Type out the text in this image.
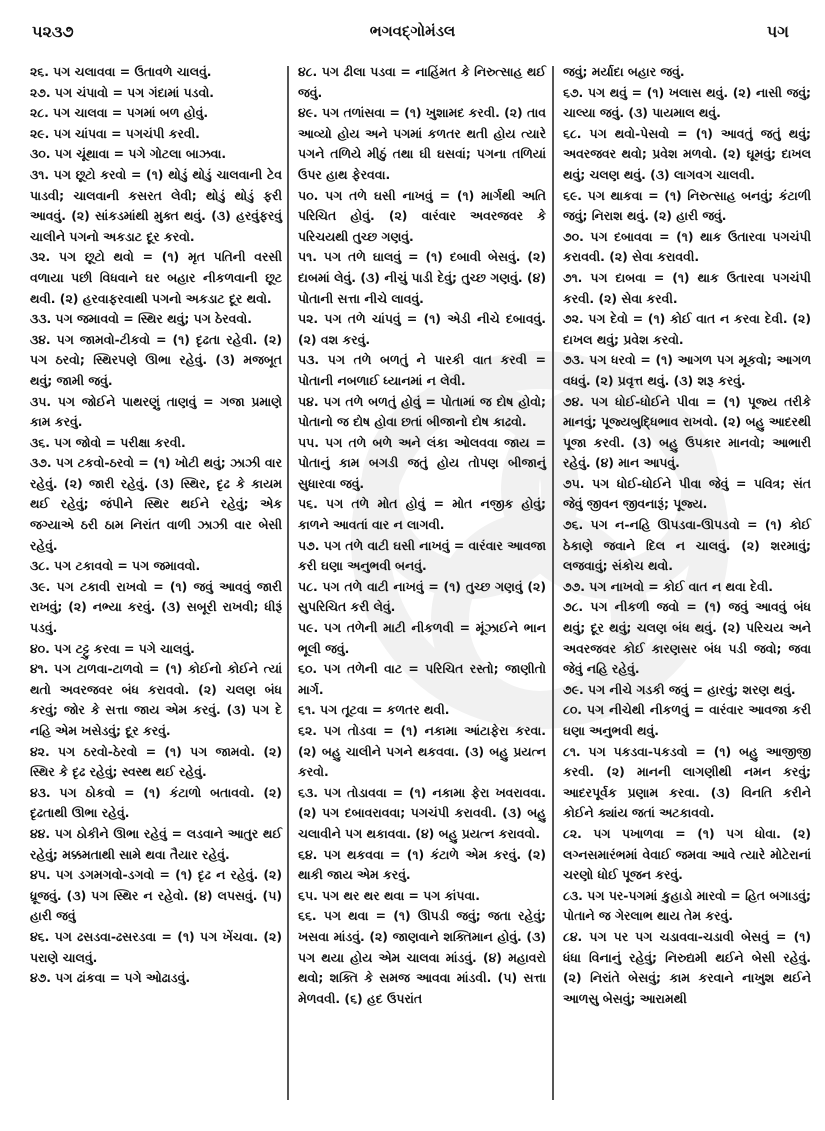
૫૨૩૭	ભગવદ્‍ગોમંડલ	પગ

૨૬. પગ ચલાવવા = ઉતાવળે ચાલવું.

૨૭. પગ ચંપાવો = પગ ગંદામાં પડવો.

૨૮. પગ ચાલવા = પગમાં બળ હોવું.

૨૯. પગ ચાંપવા = પગચંપી કરવી.

૩૦. પગ ચૂંથાવા = પગે ગોટલા બાઝવા.

૩૧. પગ છૂટો કરવો = (૧) થોડું થોડું ચાલવાની ટેવ પાડવી; ચાલવાની કસરત લેવી; થોડું થોડું ફરી આવવું. (૨) સાંકડમાંથી મુક્ત થવું. (૩) હરવુંફરવું ચાલીને પગનો અકડાટ દૂર કરવો.

૩૨. પગ છૂટો થવો = (૧) મૃત પતિની વરસી વળાયા પછી વિધવાને ઘર બહાર નીકળવાની છૂટ થવી. (૨) હરવાફરવાથી પગનો અકડાટ દૂર થવો.

૩૩. પગ જમાવવો = સ્થિર થવું; પગ ઠેરવવો.

૩૪. પગ જામવો-ટીકવો = (૧) દૃઢતા રહેવી. (૨) પગ ઠરવો; સ્થિરપણે ઊભા રહેવું. (૩) મજબૂત થવું; જામી જવું.

૩૫. પગ જોઈને પાથરણું તાણવું = ગજા પ્રમાણે કામ કરવું.

૩૬. પગ જોવો = પરીક્ષા કરવી.

૩૭. પગ ટકવો-ઠરવો = (૧) ખોટી થવું; ઝાઝી વાર રહેવું. (૨) જારી રહેવું. (૩) સ્થિર, દૃઢ કે કાયમ થઈ રહેવું; જંપીને સ્થિર થઈને રહેવું; એક જગ્યાએ ઠરી ઠામ નિરાંત વાળી ઝાઝી વાર બેસી રહેવું.

૩૮. પગ ટકાવવો = પગ જમાવવો.

૩૯. પગ ટકાવી રાખવો = (૧) જવું આવવું જારી રાખવું; (૨) નભ્યા કરવું. (૩) સબૂરી રાખવી; ધીરૂં પડવું.

૪૦. પગ ટટ્ટુ કરવા = પગે ચાલવું.

૪૧. પગ ટાળવા-ટાળવો = (૧) કોઈનો કોઈને ત્યાં થતો અવરજવર બંધ કરાવવો. (૨) ચલણ બંધ કરવું; જોર કે સત્તા જાય એમ કરવું. (૩) પગ દે નહિ એમ ખસેડવું; દૂર કરવું.

૪૨. પગ ઠરવો-ઠેરવો = (૧) પગ જામવો. (૨) સ્થિર કે દૃઢ રહેવું; સ્વસ્થ થઈ રહેવું.

૪૩. પગ ઠોકવો = (૧) કંટાળો બતાવવો. (૨) દૃઢતાથી ઊભા રહેવું.

૪૪. પગ ઠોકીને ઊભા રહેવું = લડવાને આતુર થઈ રહેવું; મક્કમતાથી સામે થવા તૈયાર રહેવું.

૪૫. પગ ડગમગવો-ડગવો = (૧) દૃઢ ન રહેવું. (૨) ધ્રૂજવું. (૩) પગ સ્થિર ન રહેવો. (૪) લપસવું. (૫) હારી જવું

૪૬. પગ ઢસડવા-ઢસરડવા = (૧) પગ ખેંચવા. (૨) પરાણે ચાલવું.

૪૭. પગ ઢાંકવા = પગે ઓઢાડવું.

૪૮. પગ ઢીલા પડવા = નાહિંમત કે નિરુત્સાહ થઈ જવું.

૪૯. પગ તળાંસવા = (૧) ખુશામદ કરવી. (૨) તાવ આવ્યો હોય અને પગમાં કળતર થતી હોય ત્યારે પગને તળિયે મીઠું તથા ઘી ઘસવાં; પગના તળિયાં ઉપર હાથ ફેરવવા.

૫૦. પગ તળે ઘસી નાખવું = (૧) માર્ગથી અતિ પરિચિત હોવું. (૨) વારંવાર અવરજવર કે પરિચયથી તુચ્છ ગણવું.

૫૧. પગ તળે ઘાલવું = (૧) દબાવી બેસવું. (૨) દાબમાં લેવું. (૩) નીચું પાડી દેવું; તુચ્છ ગણવું. (૪) પોતાની સત્તા નીચે લાવવું.

૫૨. પગ તળે ચાંપવું = (૧) એડી નીચે દબાવવું. (૨) વશ કરવું.

૫૩. પગ તળે બળતું ને પારકી વાત કરવી = પોતાની નબળાઈ ધ્યાનમાં ન લેવી.

૫૪. પગ તળે બળતું હોવું = પોતામાં જ દોષ હોવો; પોતાનો જ દોષ હોવા છતાં બીજાનો દોષ કાઢવો.

૫૫. પગ તળે બળે અને લંકા ઓલવવા જાય = પોતાનું કામ બગડી જતું હોય તોપણ બીજાનું સુધારવા જવું.

૫૬. પગ તળે મોત હોવું = મોત નજીક હોવું; કાળને આવતાં વાર ન લાગવી.

૫૭. પગ તળે વાટી ઘસી નાખવું = વારંવાર આવજા કરી ઘણા અનુભવી બનવું.

૫૮. પગ તળે વાટી નાખવું = (૧) તુચ્છ ગણવું (૨) સુપરિચિત કરી લેવું.

૫૯. પગ તળેની માટી નીકળવી = મૂંઝાઈને ભાન ભૂલી જવું.

૬૦. પગ તળેની વાટ = પરિચિત રસ્તો; જાણીતો માર્ગ.

૬૧. પગ તૂટવા = કળતર થવી.

૬૨. પગ તોડવા = (૧) નકામા આંટાફેરા કરવા. (૨) બહુ ચાલીને પગને થકવવા. (૩) બહુ પ્રયત્ન કરવો.

૬૩. પગ તોડાવવા = (૧) નકામા ફેરા ખવરાવવા. (૨) પગ દબાવરાવવા; પગચંપી કરાવવી. (૩) બહુ ચલાવીને પગ થકાવવા. (૪) બહુ પ્રયત્ન કરાવવો.

૬૪. પગ થકવવા = (૧) કંટાળે એમ કરવું. (૨) થાકી જાય એમ કરવું.

૬૫. પગ થર થર થવા = પગ કાંપવા.

૬૬. પગ થવા = (૧) ઊપડી જવું; જતા રહેવું; ખસવા માંડવું. (૨) જાણવાને શક્તિમાન હોવું. (૩) પગ થયા હોય એમ ચાલવા માંડવું. (૪) મહાવરો થવો; શક્તિ કે સમજ આવવા માંડવી. (૫) સત્તા મેળવવી. (૬) હદ ઉપરાંત

જવું; મર્યાદા બહાર જવું.

૬૭. પગ થવું = (૧) ખલાસ થવું. (૨) નાસી જવું; ચાલ્યા જવું. (૩) પાયમાલ થવું.

૬૮. પગ થવો-પેસવો = (૧) આવતું જતું થવું; અવરજવર થવો; પ્રવેશ મળવો. (૨) ઘૂમવું; દાખલ થવું; ચલણ થવું. (૩) લાગવગ ચાલવી.

૬૯. પગ થાકવા = (૧) નિરુત્સાહ બનવું; કંટાળી જવું; નિરાશ થવું. (૨) હારી જવું.

૭૦. પગ દબાવવા = (૧) થાક ઉતારવા પગચંપી કરાવવી. (૨) સેવા કરાવવી.

૭૧. પગ દાબવા = (૧) થાક ઉતારવા પગચંપી કરવી. (૨) સેવા કરવી.

૭૨. પગ દેવો = (૧) કોઈ વાત ન કરવા દેવી. (૨) દાખલ થવું; પ્રવેશ કરવો.

૭૩. પગ ધરવો = (૧) આગળ પગ મૂકવો; આગળ વધવું. (૨) પ્રવૃત્ત થવું. (૩) શરૂ કરવું.

૭૪. પગ ધોઈ-ધોઈને પીવા = (૧) પૂજ્ય તરીકે માનવું; પૂજ્યબુદ્ધિભાવ રાખવો. (૨) બહુ આદરથી પૂજા કરવી. (૩) બહુ ઉપકાર માનવો; આભારી રહેવું. (૪) માન આપવું.

૭૫. પગ ધોઈ-ધોઈને પીવા જેવું = પવિત્ર; સંત જેવું જીવન જીવનારૂં; પૂજ્ય.

૭૬. પગ ન-નહિ ઊપડવા-ઊપડવો = (૧) કોઈ ઠેકાણે જવાને દિલ ન ચાલવું. (૨) શરમાવું; લજવાવું; સંકોચ થવો.

૭૭. પગ નાખવો = કોઈ વાત ન થવા દેવી.

૭૮. પગ નીકળી જવો = (૧) જવું આવવું બંધ થવું; દૂર થવું; ચલણ બંધ થવું. (૨) પરિચય અને અવરજવર કોઈ કારણસર બંધ પડી જવો; જવા જેવું નહિ રહેવું.

૭૯. પગ નીચે ગડકી જવું = હારવું; શરણ થવું.

૮૦. પગ નીચેથી નીકળવું = વારંવાર આવજા કરી ઘણા અનુભવી થવું.

૮૧. પગ પકડવા-પકડવો = (૧) બહુ આજીજી કરવી. (૨) માનની લાગણીથી નમન કરવું; આદરપૂર્વક પ્રણામ કરવા. (૩) વિનતિ કરીને કોઈને ક્યાંય જતાં અટકાવવો.

૮૨. પગ પખાળવા = (૧) પગ ધોવા. (૨) લગ્નસમારંભમાં વેવાઈ જમવા આવે ત્યારે મોટેરાનાં ચરણો ધોઈ પૂજન કરવું.

૮૩. પગ પર-પગમાં કુહાડો મારવો = હિત બગાડવું; પોતાને જ ગેરલાભ થાય તેમ કરવું.

૮૪. પગ પર પગ ચડાવવા-ચડાવી બેસવું = (૧) ધંધા વિનાનું રહેવું; નિરુદ્યમી થઈને બેસી રહેવું. (૨) નિરાંતે બેસવું; કામ કરવાને નાખુશ થઈને આળસુ બેસવું; આરામથી
